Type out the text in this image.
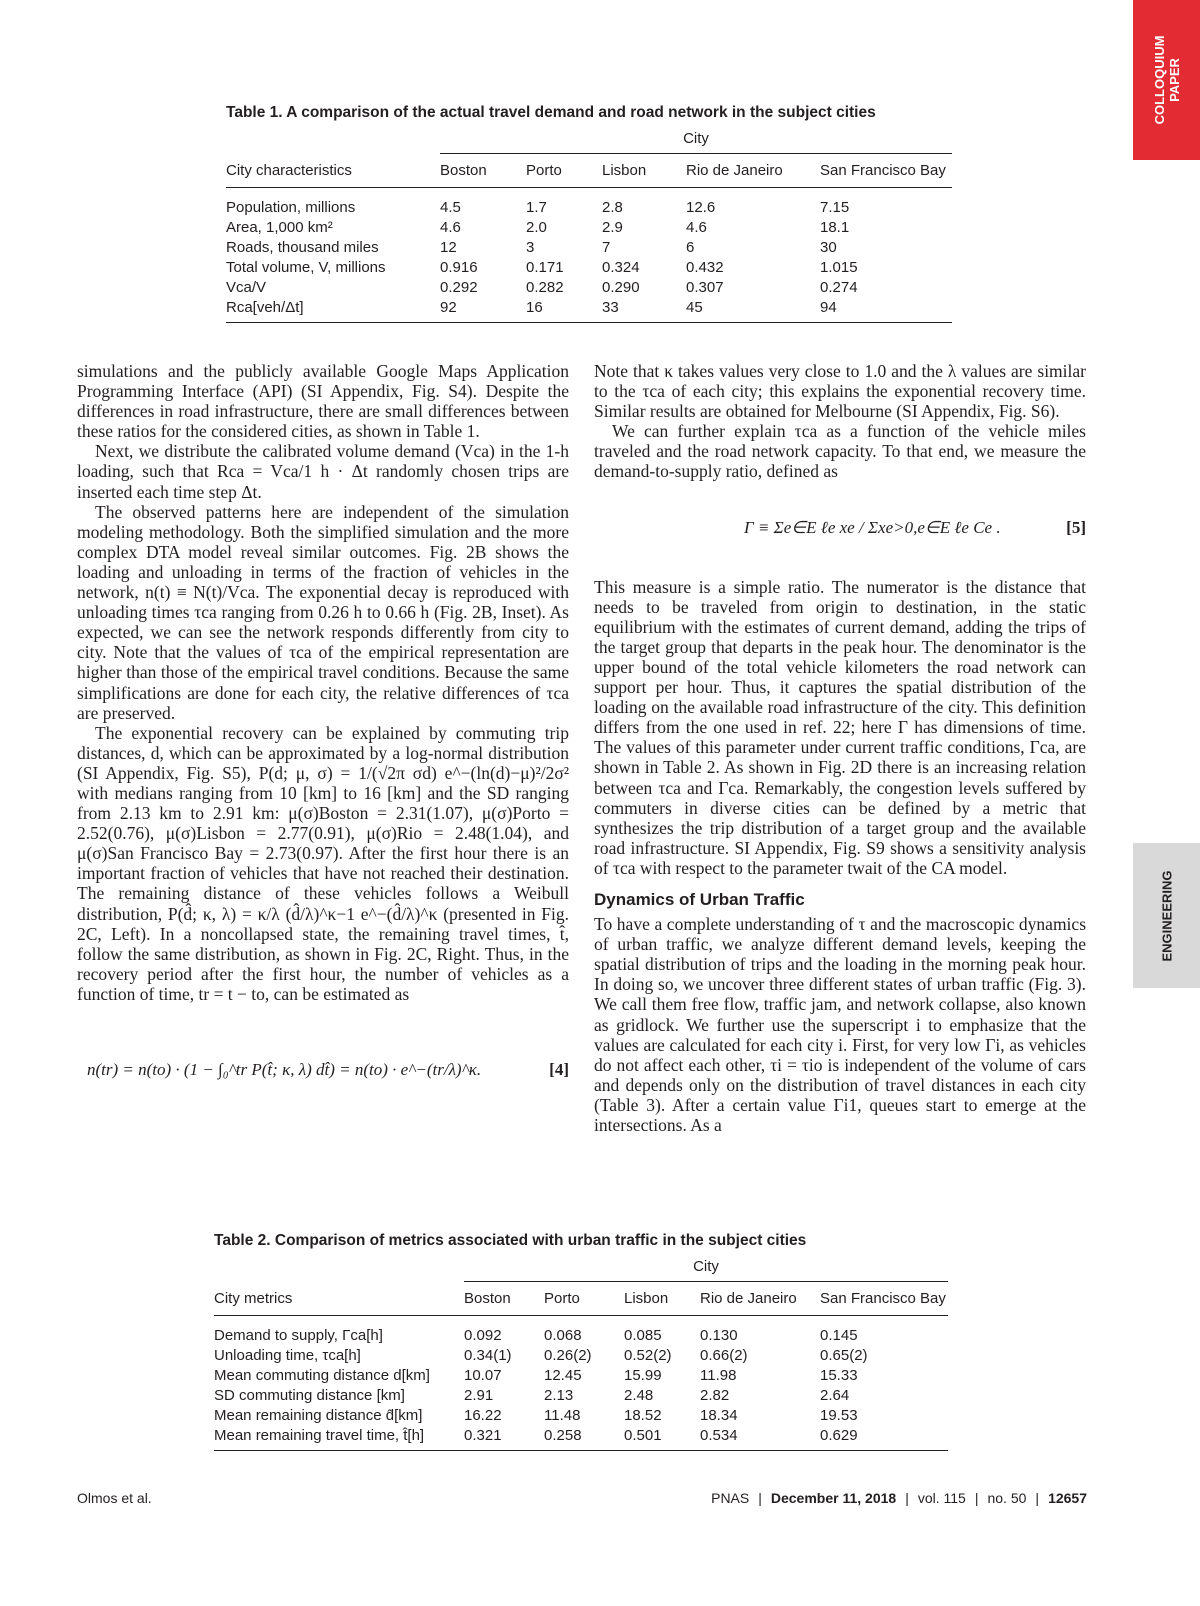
COLLOQUIUM PAPER
ENGINEERING
Table 1. A comparison of the actual travel demand and road network in the subject cities
	City				
City characteristics	Boston	Porto	Lisbon	Rio de Janeiro	San Francisco Bay
Population, millions	4.5	1.7	2.8	12.6	7.15
Area, 1,000 km²	4.6	2.0	2.9	4.6	18.1
Roads, thousand miles	12	3	7	6	30
Total volume, V, millions	0.916	0.171	0.324	0.432	1.015
Vca/V	0.292	0.282	0.290	0.307	0.274
Rca[veh/Δt]	92	16	33	45	94

simulations and the publicly available Google Maps Application Programming Interface (API) (SI Appendix, Fig. S4). Despite the differences in road infrastructure, there are small differences between these ratios for the considered cities, as shown in Table 1.

Next, we distribute the calibrated volume demand (Vca) in the 1-h loading, such that Rca = Vca/1 h · Δt randomly chosen trips are inserted each time step Δt.

The observed patterns here are independent of the simulation modeling methodology. Both the simplified simulation and the more complex DTA model reveal similar outcomes. Fig. 2B shows the loading and unloading in terms of the fraction of vehicles in the network, n(t) ≡ N(t)/Vca. The exponential decay is reproduced with unloading times τca ranging from 0.26 h to 0.66 h (Fig. 2B, Inset). As expected, we can see the network responds differently from city to city. Note that the values of τca of the empirical representation are higher than those of the empirical travel conditions. Because the same simplifications are done for each city, the relative differences of τca are preserved.

The exponential recovery can be explained by commuting trip distances, d, which can be approximated by a log-normal distribution (SI Appendix, Fig. S5), P(d; μ, σ) = 1/(√2π σd) e^−(ln(d)−μ)²/2σ² with medians ranging from 10 [km] to 16 [km] and the SD ranging from 2.13 km to 2.91 km: μ(σ)Boston = 2.31(1.07), μ(σ)Porto = 2.52(0.76), μ(σ)Lisbon = 2.77(0.91), μ(σ)Rio = 2.48(1.04), and μ(σ)San Francisco Bay = 2.73(0.97). After the first hour there is an important fraction of vehicles that have not reached their destination. The remaining distance of these vehicles follows a Weibull distribution, P(d̂; κ, λ) = κ/λ (d̂/λ)^κ−1 e^−(d̂/λ)^κ (presented in Fig. 2C, Left). In a noncollapsed state, the remaining travel times, t̂, follow the same distribution, as shown in Fig. 2C, Right. Thus, in the recovery period after the first hour, the number of vehicles as a function of time, tr = t − to, can be estimated as

n(tr) = n(to) · (1 − ∫₀^tr P(t̂; κ, λ) dt̂) = n(to) · e^−(tr/λ)^κ.	[4]

Note that κ takes values very close to 1.0 and the λ values are similar to the τca of each city; this explains the exponential recovery time. Similar results are obtained for Melbourne (SI Appendix, Fig. S6).

We can further explain τca as a function of the vehicle miles traveled and the road network capacity. To that end, we measure the demand-to-supply ratio, defined as

Γ ≡ Σe∈E ℓe xe / Σxe>0,e∈E ℓe Ce .	[5]

This measure is a simple ratio. The numerator is the distance that needs to be traveled from origin to destination, in the static equilibrium with the estimates of current demand, adding the trips of the target group that departs in the peak hour. The denominator is the upper bound of the total vehicle kilometers the road network can support per hour. Thus, it captures the spatial distribution of the loading on the available road infrastructure of the city. This definition differs from the one used in ref. 22; here Γ has dimensions of time. The values of this parameter under current traffic conditions, Γca, are shown in Table 2. As shown in Fig. 2D there is an increasing relation between τca and Γca. Remarkably, the congestion levels suffered by commuters in diverse cities can be defined by a metric that synthesizes the trip distribution of a target group and the available road infrastructure. SI Appendix, Fig. S9 shows a sensitivity analysis of τca with respect to the parameter twait of the CA model.

Dynamics of Urban Traffic

To have a complete understanding of τ and the macroscopic dynamics of urban traffic, we analyze different demand levels, keeping the spatial distribution of trips and the loading in the morning peak hour. In doing so, we uncover three different states of urban traffic (Fig. 3). We call them free flow, traffic jam, and network collapse, also known as gridlock. We further use the superscript i to emphasize that the values are calculated for each city i. First, for very low Γi, as vehicles do not affect each other, τi = τio is independent of the volume of cars and depends only on the distribution of travel distances in each city (Table 3). After a certain value Γi1, queues start to emerge at the intersections. As a

Table 2. Comparison of metrics associated with urban traffic in the subject cities
	City				
City metrics	Boston	Porto	Lisbon	Rio de Janeiro	San Francisco Bay
Demand to supply, Γca[h]	0.092	0.068	0.085	0.130	0.145
Unloading time, τca[h]	0.34(1)	0.26(2)	0.52(2)	0.66(2)	0.65(2)
Mean commuting distance d[km]	10.07	12.45	15.99	11.98	15.33
SD commuting distance [km]	2.91	2.13	2.48	2.82	2.64
Mean remaining distance d̂[km]	16.22	11.48	18.52	18.34	19.53
Mean remaining travel time, t̂[h]	0.321	0.258	0.501	0.534	0.629
Olmos et al.	PNAS | December 11, 2018 | vol. 115 | no. 50 | 12657
